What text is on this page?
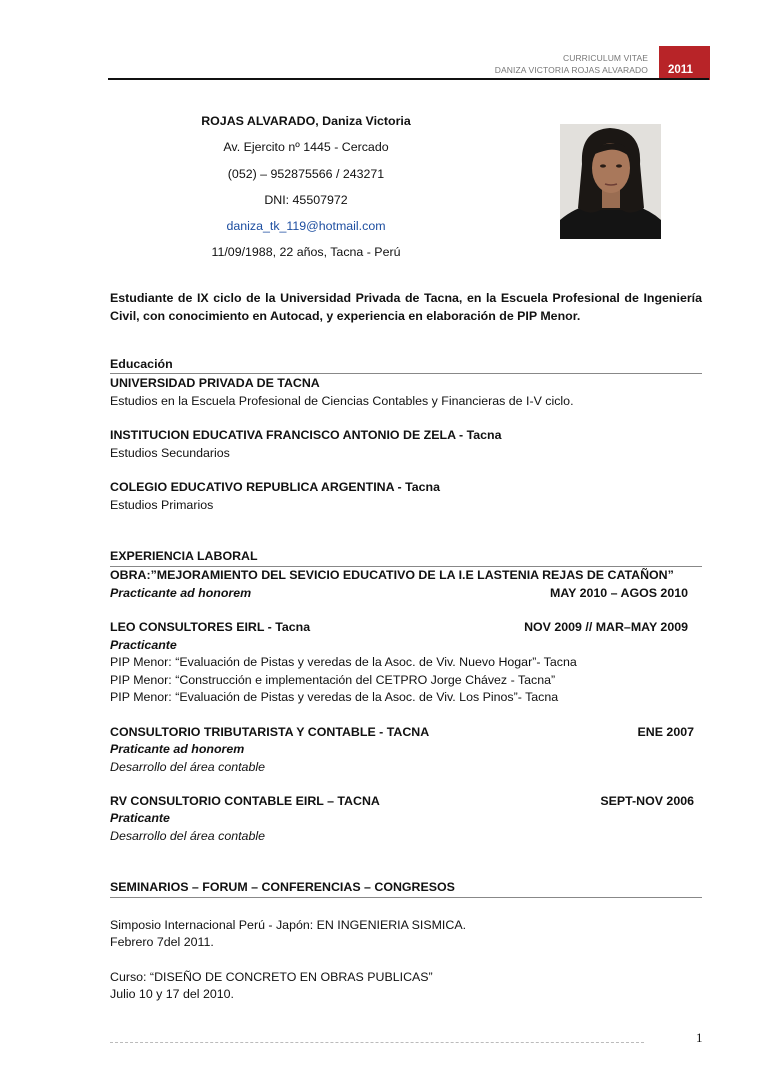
CURRICULUM VITAE
DANIZA VICTORIA ROJAS ALVARADO 2011
ROJAS ALVARADO, Daniza Victoria
Av. Ejercito nº 1445 - Cercado
(052) – 952875566 / 243271
DNI: 45507972
daniza_tk_119@hotmail.com
11/09/1988, 22 años, Tacna - Perú
Estudiante de IX ciclo de la Universidad Privada de Tacna, en la Escuela Profesional de Ingeniería Civil, con conocimiento en Autocad, y experiencia en elaboración de PIP Menor.
Educación
UNIVERSIDAD PRIVADA DE TACNA
Estudios en la Escuela Profesional de Ciencias Contables y Financieras de I-V ciclo.
INSTITUCION EDUCATIVA FRANCISCO ANTONIO DE ZELA - Tacna
Estudios Secundarios
COLEGIO EDUCATIVO REPUBLICA ARGENTINA - Tacna
Estudios Primarios
EXPERIENCIA LABORAL
OBRA:”MEJORAMIENTO DEL SEVICIO EDUCATIVO DE LA I.E LASTENIA REJAS DE CATAÑON”
Practicante ad honorem	MAY 2010 – AGOS 2010
LEO CONSULTORES EIRL - Tacna	NOV 2009 // MAR–MAY 2009
Practicante
PIP Menor: “Evaluación de Pistas y veredas de la Asoc. de Viv. Nuevo Hogar”- Tacna
PIP Menor: “Construcción e implementación del CETPRO Jorge Chávez - Tacna”
PIP Menor: “Evaluación de Pistas y veredas de la Asoc. de Viv. Los Pinos”- Tacna
CONSULTORIO TRIBUTARISTA Y CONTABLE - TACNA	ENE 2007
Praticante ad honorem
Desarrollo del área contable
RV CONSULTORIO CONTABLE EIRL – TACNA	SEPT-NOV 2006
Praticante
Desarrollo del área contable
SEMINARIOS – FORUM – CONFERENCIAS – CONGRESOS
Simposio Internacional Perú - Japón: EN INGENIERIA SISMICA.
Febrero 7del 2011.
Curso: “DISEÑO DE CONCRETO EN OBRAS PUBLICAS”
Julio 10 y 17 del 2010.
1
